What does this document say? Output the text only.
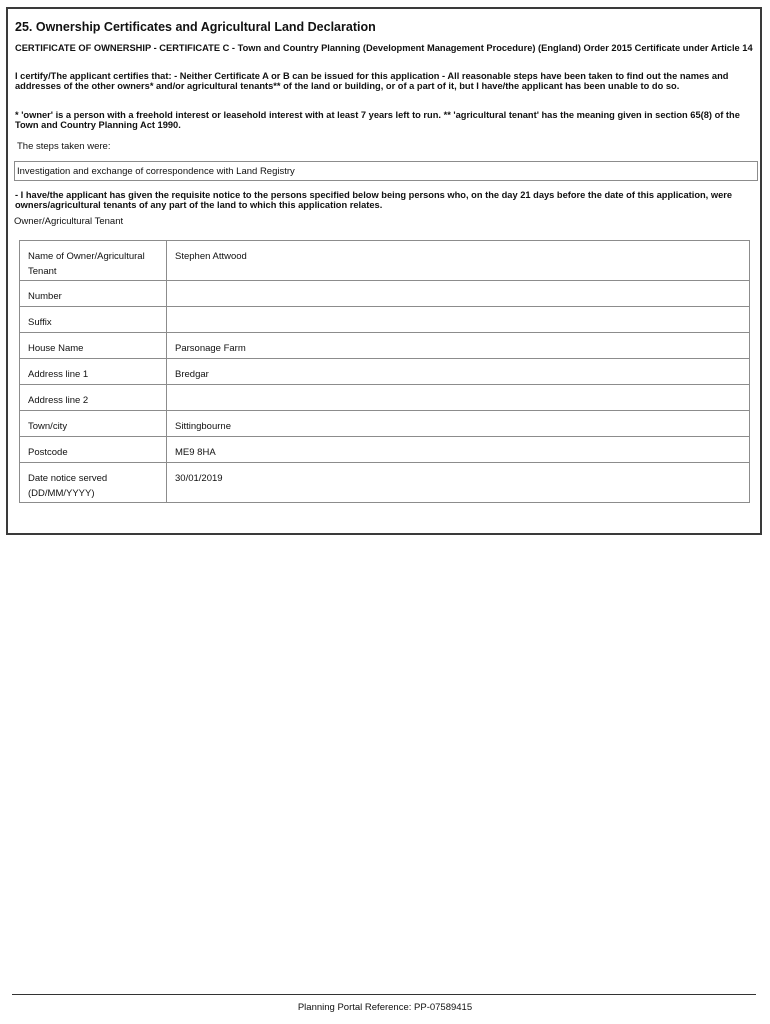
25. Ownership Certificates and Agricultural Land Declaration
CERTIFICATE OF OWNERSHIP - CERTIFICATE C - Town and Country Planning (Development Management Procedure) (England) Order 2015 Certificate under Article 14
I certify/The applicant certifies that: - Neither Certificate A or B can be issued for this application - All reasonable steps have been taken to find out the names and addresses of the other owners* and/or agricultural tenants** of the land or building, or of a part of it, but I have/the applicant has been unable to do so.
* 'owner' is a person with a freehold interest or leasehold interest with at least 7 years left to run. ** 'agricultural tenant' has the meaning given in section 65(8) of the Town and Country Planning Act 1990.
The steps taken were:
Investigation and exchange of correspondence with Land Registry
- I have/the applicant has given the requisite notice to the persons specified below being persons who, on the day 21 days before the date of this application, were owners/agricultural tenants of any part of the land to which this application relates.
Owner/Agricultural Tenant
Name of Owner/Agricultural Tenant	Stephen Attwood
Number	
Suffix	
House Name	Parsonage Farm
Address line 1	Bredgar
Address line 2	
Town/city	Sittingbourne
Postcode	ME9 8HA
Date notice served (DD/MM/YYYY)	30/01/2019
Planning Portal Reference: PP-07589415
